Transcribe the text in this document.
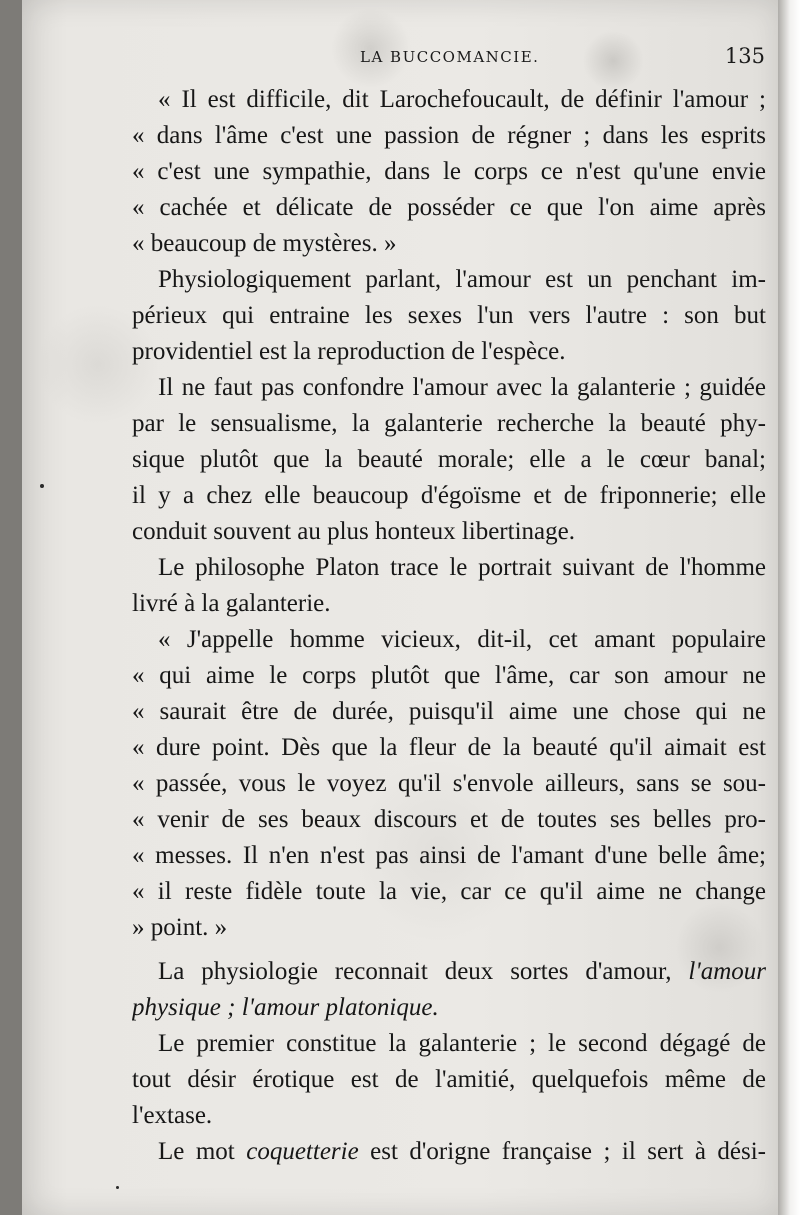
LA BUCCOMANCIE.	135
« Il est difficile, dit Larochefoucault, de définir l'amour ;
« dans l'âme c'est une passion de régner ; dans les esprits
« c'est une sympathie, dans le corps ce n'est qu'une envie
« cachée et délicate de posséder ce que l'on aime après
« beaucoup de mystères. »
Physiologiquement parlant, l'amour est un penchant im-
périeux qui entraine les sexes l'un vers l'autre : son but
providentiel est la reproduction de l'espèce.
Il ne faut pas confondre l'amour avec la galanterie ; guidée
par le sensualisme, la galanterie recherche la beauté phy-
sique plutôt que la beauté morale; elle a le cœur banal;
il y a chez elle beaucoup d'égoïsme et de friponnerie; elle
conduit souvent au plus honteux libertinage.
Le philosophe Platon trace le portrait suivant de l'homme
livré à la galanterie.
« J'appelle homme vicieux, dit-il, cet amant populaire
« qui aime le corps plutôt que l'âme, car son amour ne
« saurait être de durée, puisqu'il aime une chose qui ne
« dure point. Dès que la fleur de la beauté qu'il aimait est
« passée, vous le voyez qu'il s'envole ailleurs, sans se sou-
« venir de ses beaux discours et de toutes ses belles pro-
« messes. Il n'en n'est pas ainsi de l'amant d'une belle âme;
« il reste fidèle toute la vie, car ce qu'il aime ne change
» point. »
La physiologie reconnait deux sortes d'amour, l'amour
physique ; l'amour platonique.
Le premier constitue la galanterie ; le second dégagé de
tout désir érotique est de l'amitié, quelquefois même de
l'extase.
Le mot coquetterie est d'origne française ; il sert à dési-
